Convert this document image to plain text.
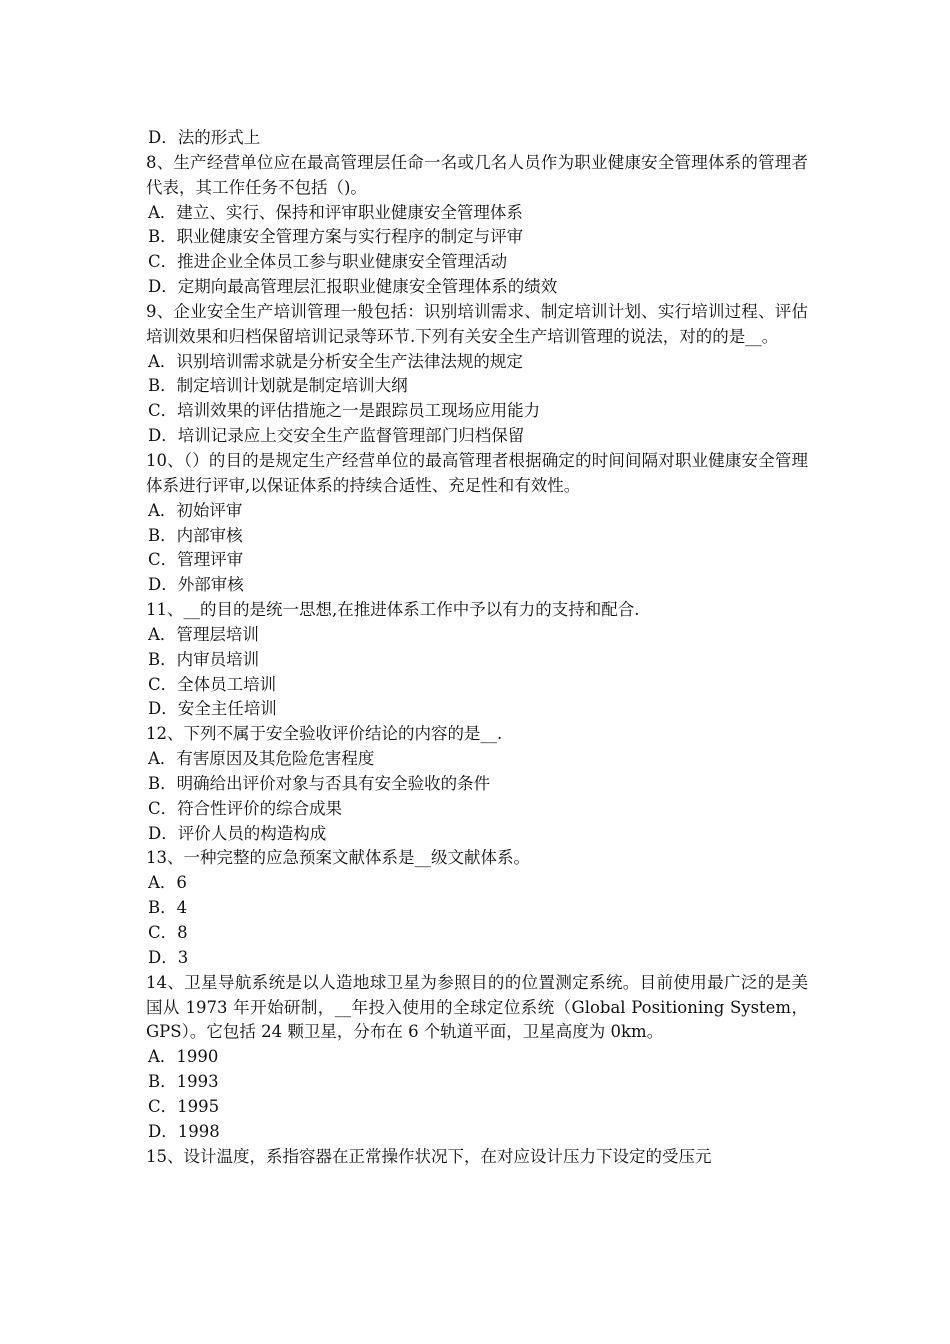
D．法的形式上
8、生产经营单位应在最高管理层任命一名或几名人员作为职业健康安全管理体系的管理者代表，其工作任务不包括（)。
A．建立、实行、保持和评审职业健康安全管理体系
B．职业健康安全管理方案与实行程序的制定与评审
C．推进企业全体员工参与职业健康安全管理活动
D．定期向最高管理层汇报职业健康安全管理体系的绩效
9、企业安全生产培训管理一般包括：识别培训需求、制定培训计划、实行培训过程、评估培训效果和归档保留培训记录等环节.下列有关安全生产培训管理的说法，对的的是__。
A．识别培训需求就是分析安全生产法律法规的规定
B．制定培训计划就是制定培训大纲
C．培训效果的评估措施之一是跟踪员工现场应用能力
D．培训记录应上交安全生产监督管理部门归档保留
10、（）的目的是规定生产经营单位的最高管理者根据确定的时间间隔对职业健康安全管理体系进行评审,以保证体系的持续合适性、充足性和有效性。
A．初始评审
B．内部审核
C．管理评审
D．外部审核
11、__的目的是统一思想,在推进体系工作中予以有力的支持和配合.
A．管理层培训
B．内审员培训
C．全体员工培训
D．安全主任培训
12、下列不属于安全验收评价结论的内容的是__.
A．有害原因及其危险危害程度
B．明确给出评价对象与否具有安全验收的条件
C．符合性评价的综合成果
D．评价人员的构造构成
13、一种完整的应急预案文献体系是__级文献体系。
A．6
B．4
C．8
D．3
14、卫星导航系统是以人造地球卫星为参照目的的位置测定系统。目前使用最广泛的是美国从 1973 年开始研制，__年投入使用的全球定位系统（Global Positioning System，GPS）。它包括 24 颗卫星，分布在 6 个轨道平面，卫星高度为 0km。
A．1990
B．1993
C．1995
D．1998
15、设计温度，系指容器在正常操作状况下，在对应设计压力下设定的受压元
